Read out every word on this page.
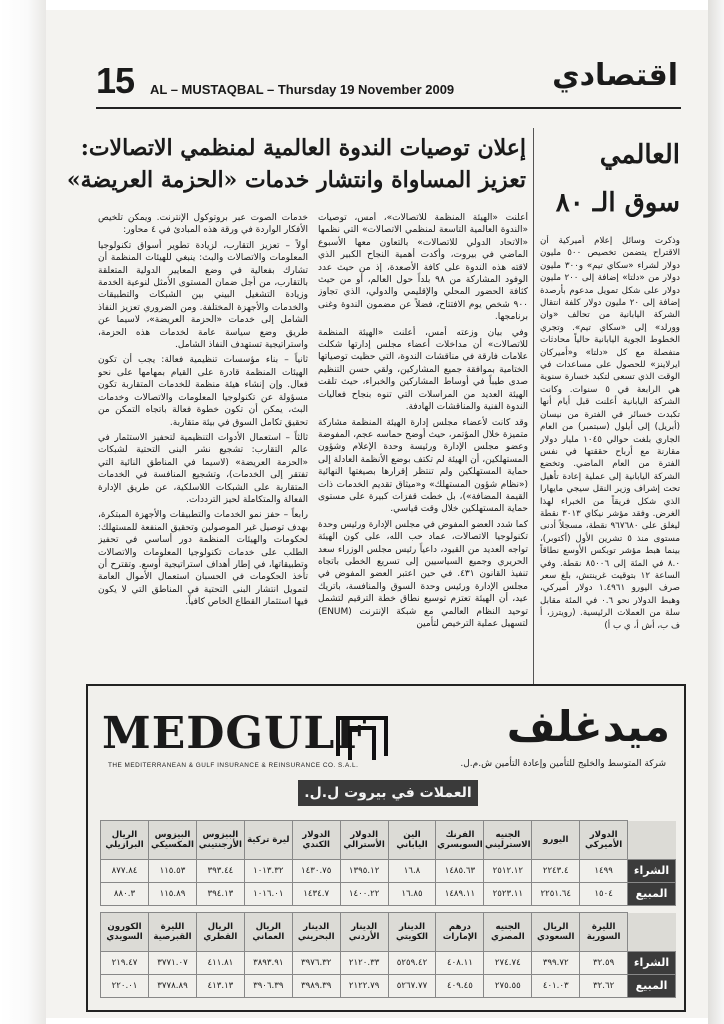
15 AL – MUSTAQBAL – Thursday 19 November 2009	اقتصادي
العالمي
سوق الـ ٨٠
وذكرت وسائل إعلام أميركية أن الاقتراح يتضمن تخصيص ٥٠٠ مليون دولار لشراء «سكاي تيم» و٣٠٠ مليون دولار من «دلتا» إضافة إلى ٢٠٠ مليون دولار على شكل تمويل مدعوم بأرصدة إضافة إلى ٢٠ مليون دولار كلفة انتقال الشركة اليابانية من تحالف «وان وورلد» إلى «سكاي تيم». وتجري الخطوط الجوية اليابانية حالياً محادثات منفصلة مع كل «دلتا» و«أميركان ايرلاينز» للحصول على مساعدات في الوقت الذي تسعى لتكبد خسارة سنوية هي الرابعة في ٥ سنوات. وكانت الشركة اليابانية أعلنت قبل أيام أنها تكبدت خسائر في الفترة من نيسان (أبريل) إلى أيلول (سبتمبر) من العام الجاري بلغت حوالي ١٠٤٥ مليار دولار مقارنة مع أرباح حققتها في نفس الفترة من العام الماضي. وتخضع الشركة اليابانية إلى عملية إعادة تأهيل تحت إشراف وزير النقل سيجي مايهارا الذي شكل فريقاً من الخبراء لهذا الغرض. وفقد مؤشر نيكاي ٣٠١٣ نقطة ليغلق على ٩٦٧٦٨٠ نقطة، مسجلاً أدنى مستوى منذ ٥ تشرين الأول (أكتوبر)، بينما هبط مؤشر توبكس الأوسع نطاقاً ٨.٠ في المئة إلى ٨٥٠٠٦ نقطة. وفي الساعة ١٢ بتوقيت غرينتش، بلغ سعر صرف اليورو ١.٤٩٦١ دولار أميركي، وهبط الدولار نحو ٠.٦ في المئة مقابل سلة من العملات الرئيسية. (رويترز، أ ف ب، أش أ، ي ب أ)
إعلان توصيات الندوة العالمية لمنظمي الاتصالات:
تعزيز المساواة وانتشار خدمات «الحزمة العريضة»

أعلنت «الهيئة المنظمة للاتصالات»، أمس، توصيات «الندوة العالمية التاسعة لمنظمي الاتصالات» التي نظمها «الاتحاد الدولي للاتصالات» بالتعاون معها الأسبوع الماضي في بيروت، وأكدت أهمية النجاح الكبير الذي لاقته هذه الندوة على كافة الأصعدة، إذ من حيث عدد الوفود المشاركة من ٩٨ بلداً حول العالم، أو من حيث كثافة الحضور المحلي والإقليمي والدولي، الذي تجاوز ٩٠٠ شخص يوم الافتتاح، فضلاً عن مضمون الندوة وغنى برنامجها.

وفي بيان وزعته أمس، أعلنت «الهيئة المنظمة للاتصالات» أن مداخلات أعضاء مجلس إدارتها شكلت علامات فارقة في مناقشات الندوة، التي حظيت توصياتها الختامية بموافقة جميع المشاركين، ولقي حسن التنظيم صدى طيباً في أوساط المشاركين والخبراء، حيث تلقت الهيئة العديد من المراسلات التي تنوه بنجاح فعاليات الندوة الفنية والمناقشات الهادفة.

وقد كانت لأعضاء مجلس إدارة الهيئة المنظمة مشاركة متميزة خلال المؤتمر، حيث أوضح حماسه عجم، المفوضة وعضو مجلس الإدارة ورئيسة وحدة الإعلام وشؤون المستهلكين، أن الهيئة لم تكتف بوضع الأنظمة العادلة إلى حماية المستهلكين ولم تنتظر إقرارها بصيغتها النهائية («نظام شؤون المستهلك» و«ميثاق تقديم الخدمات ذات القيمة المضافة»)، بل خطت قفزات كبيرة على مستوى حماية المستهلكين خلال وقت قياسي.

كما شدد العضو المفوض في مجلس الإدارة ورئيس وحدة تكنولوجيا الاتصالات، عماد حب الله، على كون الهيئة تواجه العديد من القيود، داعياً رئيس مجلس الوزراء سعد الحريري وجميع السياسيين إلى تسريع الخطى باتجاه تنفيذ القانون ٤٣١. في حين اعتبر العضو المفوض في مجلس الإدارة ورئيس وحدة السوق والمنافسة، باتريك عيد، أن الهيئة تعتزم توسيع نطاق خطة الترقيم لتشمل توحيد النظام العالمي مع شبكة الإنترنت (ENUM) لتسهيل عملية الترخيص لتأمين

خدمات الصوت عبر بروتوكول الإنترنت. ويمكن تلخيص الأفكار الواردة في ورقة هذه المبادئ في ٤ محاور:

أولاً – تعزيز التقارب، لزيادة تطوير أسواق تكنولوجيا المعلومات والاتصالات والبث: ينبغي للهيئات المنظمة أن تشارك بفعالية في وضع المعايير الدولية المتعلقة بالتقارب، من أجل ضمان المستوى الأمثل لنوعية الخدمة وزيادة التشغيل البيني بين الشبكات والتطبيقات والخدمات والأجهزة المختلفة. ومن الضروري تعزيز النفاذ الشامل إلى خدمات «الحزمة العريضة»، لاسيما عن طريق وضع سياسة عامة لخدمات هذه الحزمة، واستراتيجية تستهدف النفاذ الشامل.

ثانياً – بناء مؤسسات تنظيمية فعالة: يجب أن تكون الهيئات المنظمة قادرة على القيام بمهامها على نحو فعال. وإن إنشاء هيئة منظمة للخدمات المتقاربة تكون مسؤولة عن تكنولوجيا المعلومات والاتصالات وخدمات البث، يمكن أن تكون خطوة فعالة باتجاه التمكن من تحقيق تكامل السوق في بيئة متقاربة.

ثالثاً – استعمال الأدوات التنظيمية لتحفيز الاستثمار في عالم التقارب: تشجيع نشر البنى التحتية لشبكات «الحزمة العريضة» (لاسيما في المناطق النائية التي تفتقر إلى الخدمات)، وتشجيع المنافسة في الخدمات المتقاربة على الشبكات اللاسلكية، عن طريق الإدارة الفعالة والمتكاملة لحيز الترددات.

رابعاً – حفز نمو الخدمات والتطبيقات والأجهزة المبتكرة، بهدف توصيل غير الموصولين وتحقيق المنفعة للمستهلك: لحكومات والهيئات المنظمة دور أساسي في تحفيز الطلب على خدمات تكنولوجيا المعلومات والاتصالات وتطبيقاتها، في إطار أهداف استراتيجية أوسع. وتقترح أن تأخذ الحكومات في الحسبان استعمال الأموال العامة لتمويل انتشار البنى التحتية في المناطق التي لا يكون فيها استثمار القطاع الخاص كافياً.

MEDGULF	ميدغلف
THE MEDITERRANEAN & GULF INSURANCE & REINSURANCE CO. S.A.L.	شركة المتوسط والخليج للتأمين وإعادة التأمين ش.م.ل.
العملات في بيروت ل.ل.
	الدولار الأميركي	اليورو	الجنيه الاسترليني	الفرنك السويسري	الين الياباني	الدولار الأسترالي	الدولار الكندي	ليرة تركية	البيزوس الأرجنتيني	البيزوس المكسيكي	الريال البرازيلي
الشراء	١٤٩٩	٢٢٤٣.٤	٢٥١٢.١٢	١٤٨٥.٦٣	١٦.٨	١٣٩٥.١٢	١٤٣٠.٧٥	١٠١٣.٣٢	٣٩٣.٤٤	١١٥.٥٣	٨٧٧.٨٤
المبيع	١٥٠٤	٢٢٥١.٦٤	٢٥٢٣.١١	١٤٨٩.١١	١٦.٨٥	١٤٠٠.٢٢	١٤٣٤.٧	١٠١٦.٠١	٣٩٤.١٣	١١٥.٨٩	٨٨٠.٣
	الليرة السورية	الريال السعودي	الجنيه المصري	درهم الإمارات	الدينار الكويتي	الدينار الأردني	الدينار البحريني	الريال العماني	الريال القطري	الليرة القبرصية	الكورون السويدي
الشراء	٣٢.٥٩	٣٩٩.٧٢	٢٧٤.٧٤	٤٠٨.١١	٥٢٥٩.٤٢	٢١٢٠.٣٣	٣٩٧٦.٣٢	٣٨٩٣.٩١	٤١١.٨١	٣٧٧١.٠٧	٢١٩.٤٧
المبيع	٣٢.٦٢	٤٠١.٠٣	٢٧٥.٥٥	٤٠٩.٤٥	٥٢٦٧.٧٧	٢١٢٢.٧٩	٣٩٨٩.٣٩	٣٩٠٦.٣٩	٤١٣.١٣	٣٧٧٨.٨٩	٢٢٠.٠١
